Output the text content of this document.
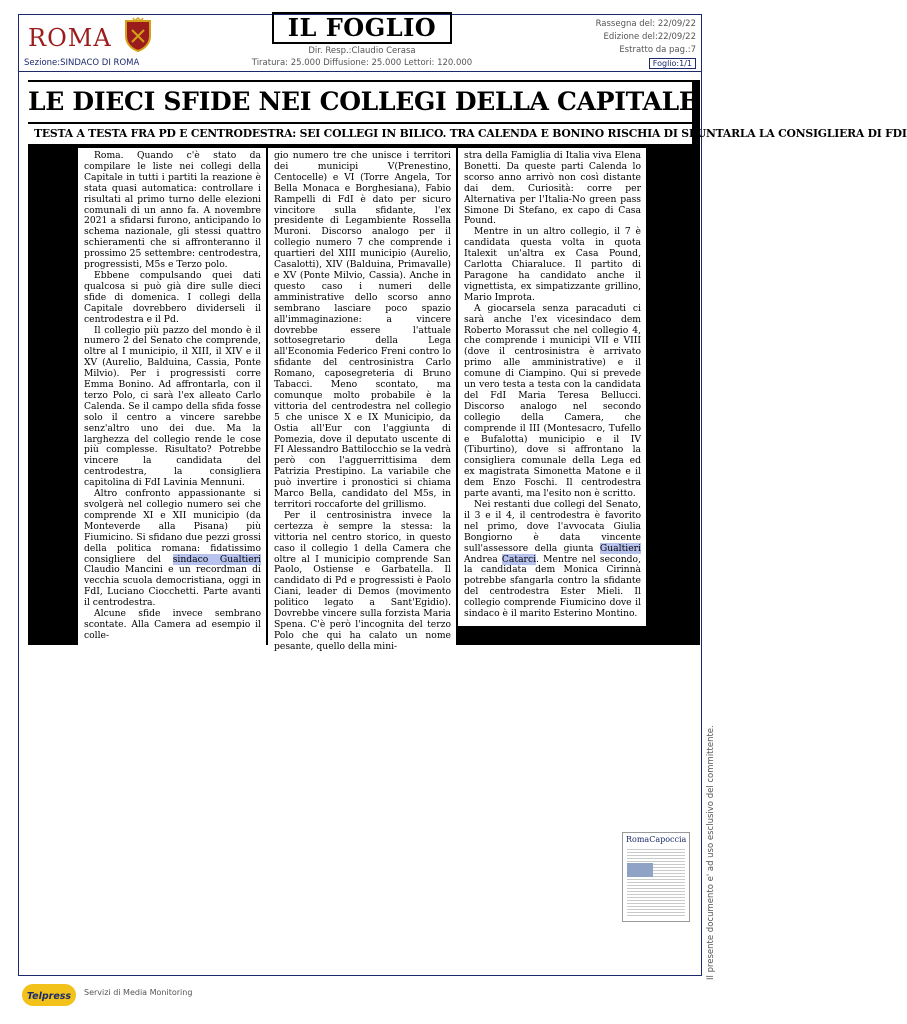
ROMA
Sezione:SINDACO DI ROMA
IL FOGLIO
Dir. Resp.:Claudio Cerasa
Tiratura: 25.000 Diffusione: 25.000 Lettori: 120.000
Rassegna del: 22/09/22
Edizione del:22/09/22
Estratto da pag.:7
Foglio:1/1
LE DIECI SFIDE NEI COLLEGI DELLA CAPITALE
TESTA A TESTA FRA PD E CENTRODESTRA: SEI COLLEGI IN BILICO. TRA CALENDA E BONINO RISCHIA DI SPUNTARLA LA CONSIGLIERA DI FDI

Roma. Quando c'è stato da compilare le liste nei collegi della Capitale in tutti i partiti la reazione è stata quasi automatica: controllare i risultati al primo turno delle elezioni comunali di un anno fa. A novembre 2021 a sfidarsi furono, anticipando lo schema nazionale, gli stessi quattro schieramenti che si affronteranno il prossimo 25 settembre: centrodestra, progressisti, M5s e Terzo polo.

Ebbene compulsando quei dati qualcosa si può già dire sulle dieci sfide di domenica. I collegi della Capitale dovrebbero dividerseli il centrodestra e il Pd.

Il collegio più pazzo del mondo è il numero 2 del Senato che comprende, oltre al I municipio, il XIII, il XIV e il XV (Aurelio, Balduina, Cassia, Ponte Milvio). Per i progressisti corre Emma Bonino. Ad affrontarla, con il terzo Polo, ci sarà l'ex alleato Carlo Calenda. Se il campo della sfida fosse solo il centro a vincere sarebbe senz'altro uno dei due. Ma la larghezza del collegio rende le cose più complesse. Risultato? Potrebbe vincere la candidata del centrodestra, la consigliera capitolina di FdI Lavinia Mennuni.

Altro confronto appassionante si svolgerà nel collegio numero sei che comprende XI e XII municipio (da Monteverde alla Pisana) più Fiumicino. Si sfidano due pezzi grossi della politica romana: fidatissimo consigliere del sindaco Gualtieri Claudio Mancini e un recordman di vecchia scuola democristiana, oggi in FdI, Luciano Ciocchetti. Parte avanti il centrodestra.

Alcune sfide invece sembrano scontate. Alla Camera ad esempio il colle-

gio numero tre che unisce i territori dei municipi V(Prenestino, Centocelle) e VI (Torre Angela, Tor Bella Monaca e Borghesiana), Fabio Rampelli di FdI è dato per sicuro vincitore sulla sfidante, l'ex presidente di Legambiente Rossella Muroni. Discorso analogo per il collegio numero 7 che comprende i quartieri del XIII municipio (Aurelio, Casalotti), XIV (Balduina, Primavalle) e XV (Ponte Milvio, Cassia). Anche in questo caso i numeri delle amministrative dello scorso anno sembrano lasciare poco spazio all'immaginazione: a vincere dovrebbe essere l'attuale sottosegretario della Lega all'Economia Federico Freni contro lo sfidante del centrosinistra Carlo Romano, caposegreteria di Bruno Tabacci. Meno scontato, ma comunque molto probabile è la vittoria del centrodestra nel collegio 5 che unisce X e IX Municipio, da Ostia all'Eur con l'aggiunta di Pomezia, dove il deputato uscente di FI Alessandro Battilocchio se la vedrà però con l'agguerrittisima dem Patrizia Prestipino. La variabile che può invertire i pronostici si chiama Marco Bella, candidato del M5s, in territori roccaforte del grillismo.

Per il centrosinistra invece la certezza è sempre la stessa: la vittoria nel centro storico, in questo caso il collegio 1 della Camera che oltre al I municipio comprende San Paolo, Ostiense e Garbatella. Il candidato di Pd e progressisti è Paolo Ciani, leader di Demos (movimento politico legato a Sant'Egidio). Dovrebbe vincere sulla forzista Maria Spena. C'è però l'incognita del terzo Polo che qui ha calato un nome pesante, quello della mini-

stra della Famiglia di Italia viva Elena Bonetti. Da queste parti Calenda lo scorso anno arrivò non così distante dai dem. Curiosità: corre per Alternativa per l'Italia-No green pass Simone Di Stefano, ex capo di Casa Pound.

Mentre in un altro collegio, il 7 è candidata questa volta in quota Italexit un'altra ex Casa Pound, Carlotta Chiaraluce. Il partito di Paragone ha candidato anche il vignettista, ex simpatizzante grillino, Mario Improta.

A giocarsela senza paracaduti ci sarà anche l'ex vicesindaco dem Roberto Morassut che nel collegio 4, che comprende i municipi VII e VIII (dove il centrosinistra è arrivato primo alle amministrative) e il comune di Ciampino. Qui si prevede un vero testa a testa con la candidata del FdI Maria Teresa Bellucci. Discorso analogo nel secondo collegio della Camera, che comprende il III (Montesacro, Tufello e Bufalotta) municipio e il IV (Tiburtino), dove si affrontano la consigliera comunale della Lega ed ex magistrata Simonetta Matone e il dem Enzo Foschi. Il centrodestra parte avanti, ma l'esito non è scritto.

Nei restanti due collegi del Senato, il 3 e il 4, il centrodestra è favorito nel primo, dove l'avvocata Giulia Bongiorno è data vincente sull'assessore della giunta Gualtieri Andrea Catarci. Mentre nel secondo, la candidata dem Monica Cirinnà potrebbe sfangarla contro la sfidante del centrodestra Ester Mieli. Il collegio comprende Fiumicino dove il sindaco è il marito Esterino Montino.

Gianluca De Rosa
Il presente documento e' ad uso esclusivo del committente.
RomaCapoccia
Telpress	Servizi di Media Monitoring
